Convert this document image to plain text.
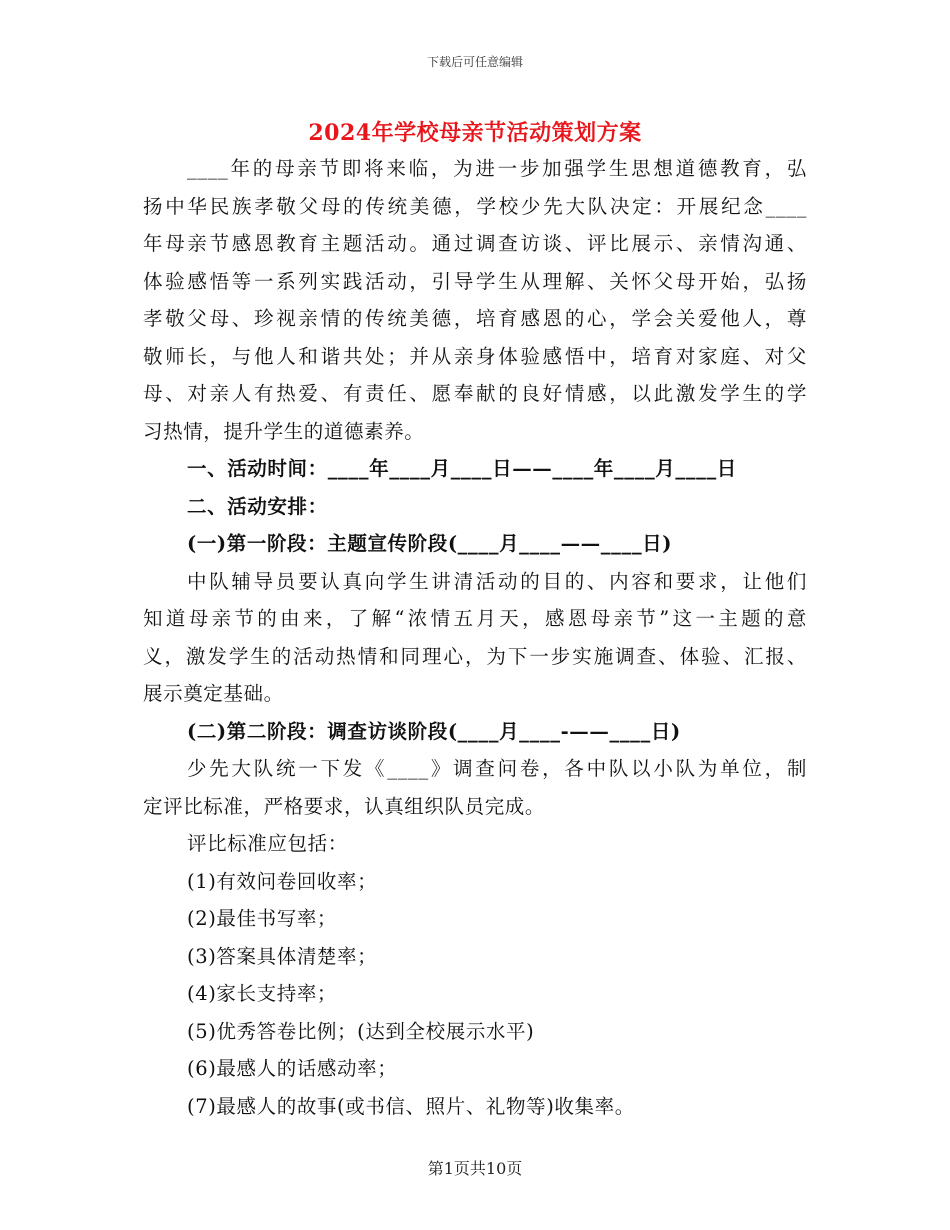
下载后可任意编辑
2024年学校母亲节活动策划方案
____年的母亲节即将来临，为进一步加强学生思想道德教育，弘
扬中华民族孝敬父母的传统美德，学校少先大队决定：开展纪念____
年母亲节感恩教育主题活动。通过调查访谈、评比展示、亲情沟通、
体验感悟等一系列实践活动，引导学生从理解、关怀父母开始，弘扬
孝敬父母、珍视亲情的传统美德，培育感恩的心，学会关爱他人，尊
敬师长，与他人和谐共处；并从亲身体验感悟中，培育对家庭、对父
母、对亲人有热爱、有责任、愿奉献的良好情感，以此激发学生的学
习热情，提升学生的道德素养。
一、活动时间：____年____月____日——____年____月____日
二、活动安排：
(一)第一阶段：主题宣传阶段(____月____——____日)
中队辅导员要认真向学生讲清活动的目的、内容和要求，让他们
知道母亲节的由来，了解“浓情五月天，感恩母亲节”这一主题的意
义，激发学生的活动热情和同理心，为下一步实施调查、体验、汇报、
展示奠定基础。
(二)第二阶段：调查访谈阶段(____月____-——____日)
少先大队统一下发《____》调查问卷，各中队以小队为单位，制
定评比标准，严格要求，认真组织队员完成。
评比标准应包括：
(1)有效问卷回收率；
(2)最佳书写率；
(3)答案具体清楚率；
(4)家长支持率；
(5)优秀答卷比例；(达到全校展示水平)
(6)最感人的话感动率；
(7)最感人的故事(或书信、照片、礼物等)收集率。
第1页共10页
